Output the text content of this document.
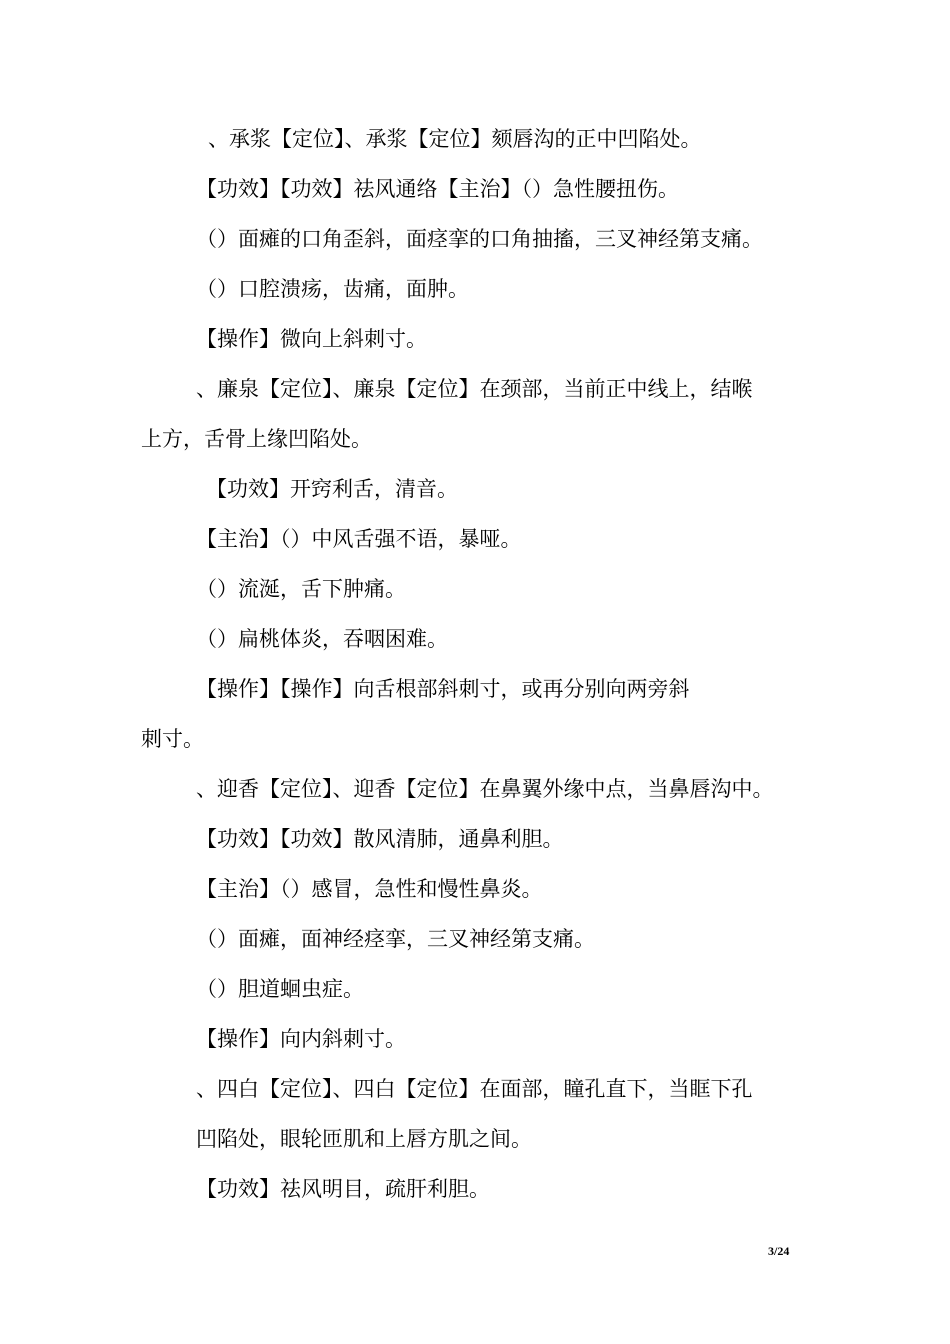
、承浆【定位】、承浆【定位】颏唇沟的正中凹陷处。
【功效】【功效】祛风通络【主治】（）急性腰扭伤。
（）面瘫的口角歪斜，面痉挛的口角抽搐，三叉神经第支痛。
（）口腔溃疡，齿痛，面肿。
【操作】微向上斜刺寸。
、廉泉【定位】、廉泉【定位】在颈部，当前正中线上，结喉
上方，舌骨上缘凹陷处。
【功效】开窍利舌，清音。
【主治】（）中风舌强不语，暴哑。
（）流涎，舌下肿痛。
（）扁桃体炎，吞咽困难。
【操作】【操作】向舌根部斜刺寸，或再分别向两旁斜
刺寸。
、迎香【定位】、迎香【定位】在鼻翼外缘中点，当鼻唇沟中。
【功效】【功效】散风清肺，通鼻利胆。
【主治】（）感冒，急性和慢性鼻炎。
（）面瘫，面神经痉挛，三叉神经第支痛。
（）胆道蛔虫症。
【操作】向内斜刺寸。
、四白【定位】、四白【定位】在面部，瞳孔直下，当眶下孔
凹陷处，眼轮匝肌和上唇方肌之间。
【功效】祛风明目，疏肝利胆。
3/24
